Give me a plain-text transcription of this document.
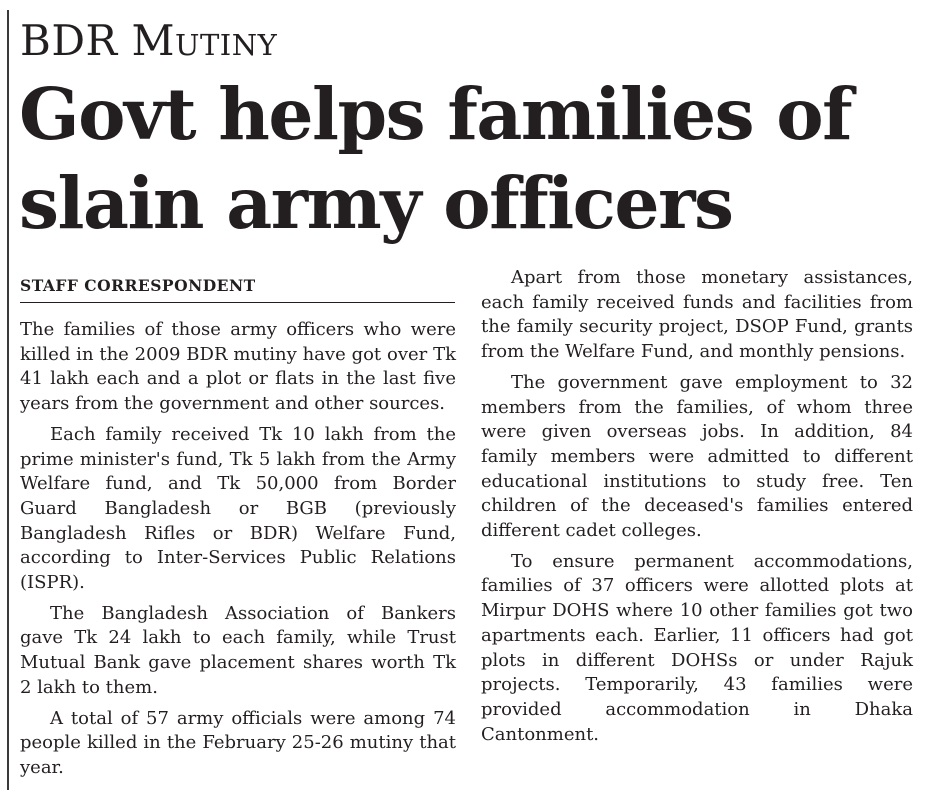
BDR Mutiny
Govt helps families of slain army officers
STAFF CORRESPONDENT

The families of those army officers who were killed in the 2009 BDR mutiny have got over Tk 41 lakh each and a plot or flats in the last five years from the government and other sources.

Each family received Tk 10 lakh from the prime minister's fund, Tk 5 lakh from the Army Welfare fund, and Tk 50,000 from Border Guard Bangladesh or BGB (previously Bangladesh Rifles or BDR) Welfare Fund, according to Inter-Services Public Relations (ISPR).

The Bangladesh Association of Bankers gave Tk 24 lakh to each family, while Trust Mutual Bank gave placement shares worth Tk 2 lakh to them.

A total of 57 army officials were among 74 people killed in the February 25-26 mutiny that year.

Apart from those monetary assistances, each family received funds and facilities from the family security project, DSOP Fund, grants from the Welfare Fund, and monthly pensions.

The government gave employment to 32 members from the families, of whom three were given overseas jobs. In addition, 84 family members were admitted to different educational institutions to study free. Ten children of the deceased's families entered different cadet colleges.

To ensure permanent accommodations, families of 37 officers were allotted plots at Mirpur DOHS where 10 other families got two apartments each. Earlier, 11 officers had got plots in different DOHSs or under Rajuk projects. Temporarily, 43 families were provided accommodation in Dhaka Cantonment.
